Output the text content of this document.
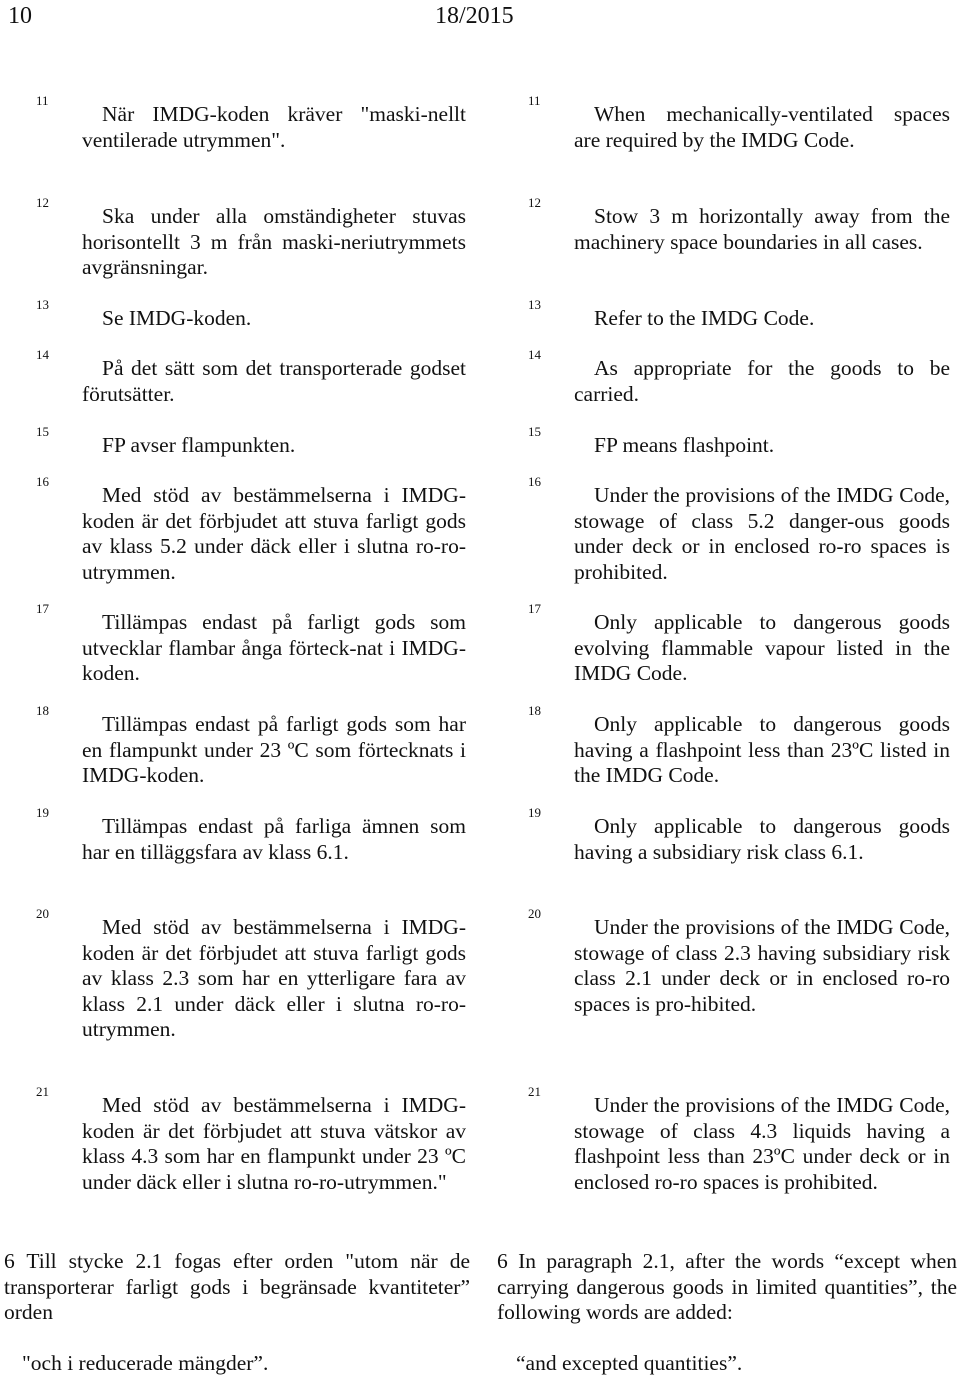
10	18/2015
11
När IMDG-koden kräver "maski-nellt ventilerade utrymmen".
12
Ska under alla omständigheter stuvas horisontellt 3 m från maski-neriutrymmets avgränsningar.
13
Se IMDG-koden.
14
På det sätt som det transporterade godset förutsätter.
15
FP avser flampunkten.
16
Med stöd av bestämmelserna i IMDG-koden är det förbjudet att stuva farligt gods av klass 5.2 under däck eller i slutna ro-ro-utrymmen.
17
Tillämpas endast på farligt gods som utvecklar flambar ånga förteck-nat i IMDG-koden.
18
Tillämpas endast på farligt gods som har en flampunkt under 23 ºC som förtecknats i IMDG-koden.
19
Tillämpas endast på farliga ämnen som har en tilläggsfara av klass 6.1.
20
Med stöd av bestämmelserna i IMDG-koden är det förbjudet att stuva farligt gods av klass 2.3 som har en ytterligare fara av klass 2.1 under däck eller i slutna ro-ro-utrymmen.
21
Med stöd av bestämmelserna i IMDG-koden är det förbjudet att stuva vätskor av klass 4.3 som har en flampunkt under 23 ºC under däck eller i slutna ro-ro-utrymmen."
11
When mechanically-ventilated spaces are required by the IMDG Code.
12
Stow 3 m horizontally away from the machinery space boundaries in all cases.
13
Refer to the IMDG Code.
14
As appropriate for the goods to be carried.
15
FP means flashpoint.
16
Under the provisions of the IMDG Code, stowage of class 5.2 danger-ous goods under deck or in enclosed ro-ro spaces is prohibited.
17
Only applicable to dangerous goods evolving flammable vapour listed in the IMDG Code.
18
Only applicable to dangerous goods having a flashpoint less than 23ºC listed in the IMDG Code.
19
Only applicable to dangerous goods having a subsidiary risk class 6.1.
20
Under the provisions of the IMDG Code, stowage of class 2.3 having subsidiary risk class 2.1 under deck or in enclosed ro-ro spaces is pro-hibited.
21
Under the provisions of the IMDG Code, stowage of class 4.3 liquids having a flashpoint less than 23ºC under deck or in enclosed ro-ro spaces is prohibited.
6 Till stycke 2.1 fogas efter orden "utom när de transporterar farligt gods i begränsade kvantiteter” orden
"och i reducerade mängder”.
6 In paragraph 2.1, after the words “except when carrying dangerous goods in limited quantities”, the following words are added:
“and excepted quantities”.
